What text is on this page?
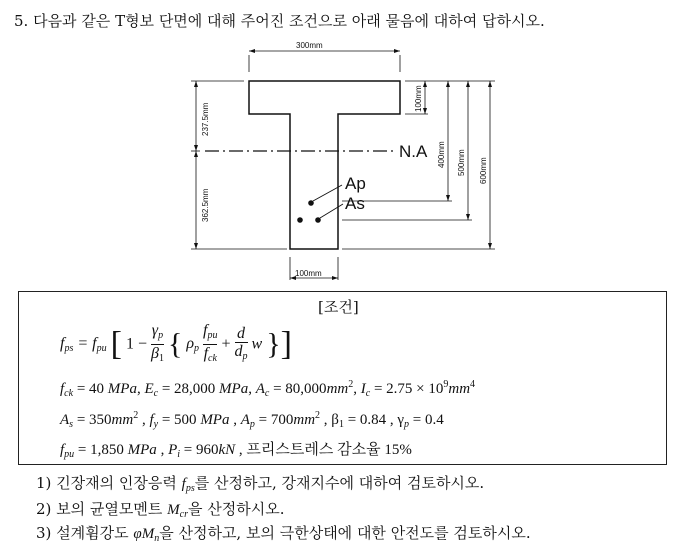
5. 다음과 같은 T형보 단면에 대해 주어진 조건으로 아래 물음에 대하여 답하시오.
N.A
300mm
100mm
237.5mm
362.5mm
100mm
400mm 500mm 600mm
Ap
As
[조건]
$f_{ps} = f_{pu}$ [ $1 - \frac{\gamma_p}{\beta_1}$ { $\rho_p \frac{f_{pu}}{f_{ck}} + \frac{d}{d_p}$ w }]
$f_{ck} = 40$ MPa, $E_c = 28,000$ MPa, $A_c = 80,000mm^2$, $I_c = 2.75 \times 10^9mm^4$
$A_s = 350mm^2$ , $f_y = 500$ MPa , $A_p = 700mm^2$ , $\beta_1 = 0.84$ , $\gamma_p = 0.4$
$f_{pu} = 1,850$ MPa , $P_i = 960kN$ , 프리스트레스 감소율 15%
1) 긴장재의 인장응력 $f_{ps}$를 산정하고, 강재지수에 대하여 검토하시오.
2) 보의 균열모멘트 $M_{cr}$을 산정하시오.
3) 설계휨강도 $\varphi M_n$을 산정하고, 보의 극한상태에 대한 안전도를 검토하시오.
